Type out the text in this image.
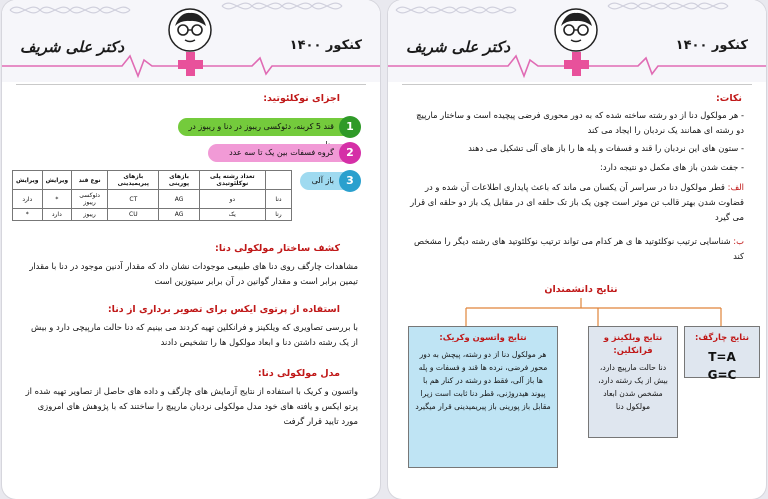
دکتر علی شریف	کنکور ۱۴۰۰
اجزای نوکلئوتید:
1
قند 5 کربنه، دئوکسی ریبوز در دنا و ریبوز در
2
گروه فسفات بین یک تا سه عدد
3
باز آلی
	تعداد رشته پلی نوکلئوتیدی	بازهای پورینی	بازهای پیریمیدینی	نوع قند	ویرایش	ویرایش
دنا	دو	AG	CT	دئوکسی ریبوز	*	دارد
رنا	یک	AG	CU	ریبوز	دارد	*
کشف ساختار مولکولی دنا:
مشاهدات چارگف روی دنا های طبیعی موجودات نشان داد که مقدار آدنین موجود در دنا با مقدار تیمین برابر است و مقدار گوانین در آن برابر سیتوزین است
استفاده از پرتوی ایکس برای تصویر برداری از دنا:
با بررسی تصاویری که ویلکینز و فرانکلین تهیه کردند می بینیم که دنا حالت مارپیچی دارد و بیش از یک رشته داشتن دنا و ابعاد مولکول ها را تشخیص دادند
مدل مولکولی دنا:
واتسون و کریک با استفاده از نتایج آزمایش های چارگف و داده های حاصل از تصاویر تهیه شده از پرتو ایکس و یافته های خود مدل مولکولی نردبان مارپیچ را ساختند که با پژوهش های امروزی مورد تایید قرار گرفت
دکتر علی شریف	کنکور ۱۴۰۰
نکات:
- هر مولکول دنا از دو رشته ساخته شده که به دور محوری فرضی پیچیده است و ساختار مارپیچ دو رشته ای همانند یک نردبان را ایجاد می کند
- ستون های این نردبان را قند و فسفات و پله ها را باز های آلی تشکیل می دهند
- جفت شدن باز های مکمل دو نتیجه دارد:
الف: قطر مولکول دنا در سراسر آن یکسان می ماند که باعث پایداری اطلاعات آن شده و در قضاوت شدن بهتر قالب تن موثر است چون یک باز تک حلقه ای در مقابل یک باز دو حلقه ای قرار می گیرد
ب: شناسایی ترتیب نوکلئوتید ها ی هر کدام می تواند ترتیب نوکلئوتید های رشته دیگر را مشخص کند
نتایج دانشمندان
نتایج چارگف:
T=A
G=C
نتایج ویلکینز و فرانکلین:
دنا حالت مارپیچ دارد، بیش از یک رشته دارد، مشخص شدن ابعاد مولکول دنا
نتایج واتسون وکریک:
هر مولکول دنا از دو رشته، پیچش به دور محور فرضی، نرده ها قند و فسفات و پله ها باز آلی، فقط دو رشته در کنار هم با پیوند هیدروژنی، قطر دنا ثابت است زیرا مقابل باز پورینی باز پیریمیدینی قرار میگیرد
